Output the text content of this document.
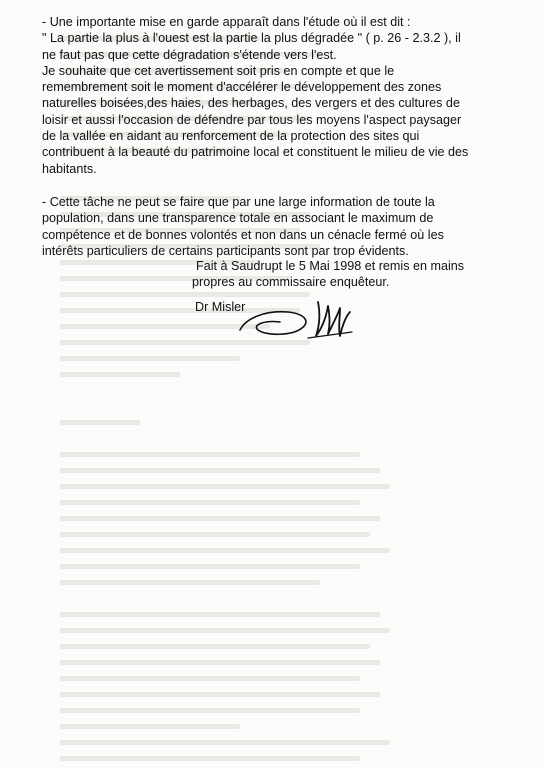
- Une importante mise en garde apparaît dans l'étude où il est dit :
" La partie la plus à l'ouest est la partie la plus dégradée " ( p. 26 - 2.3.2 ), il
ne faut pas que cette dégradation s'étende vers l'est.
Je souhaite que cet avertissement soit pris en compte et que le
remembrement soit le moment d'accélérer le développement des zones
naturelles boisées,des haies, des herbages, des vergers et des cultures de
loisir et aussi l'occasion de défendre par tous les moyens l'aspect paysager
de la vallée en aidant au renforcement de la protection des sites qui
contribuent à la beauté du patrimoine local et constituent le milieu de vie des
habitants.

- Cette tâche ne peut se faire que par une large information de toute la
population, dans une transparence totale en associant le maximum de
compétence et de bonnes volontés et non dans un cénacle fermé où les
intérêts particuliers de certains participants sont par trop évidents.

Fait à Saudrupt le 5 Mai 1998 et remis en mains
propres au commissaire enquêteur.
Dr Misler
